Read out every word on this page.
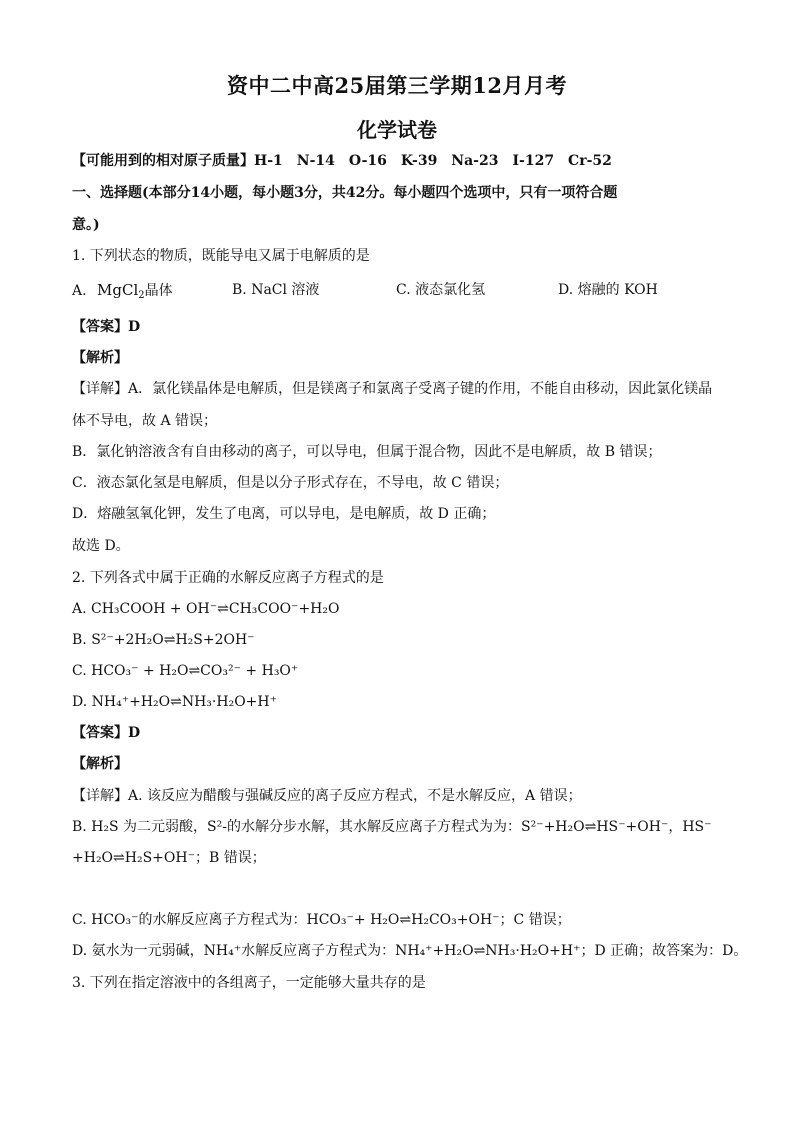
资中二中高25届第三学期12月月考
化学试卷
【可能用到的相对原子质量】H-1　N-14　O-16　K-39　Na-23　I-127　Cr-52
一、选择题(本部分14小题，每小题3分，共42分。每小题四个选项中，只有一项符合题
意。)
1. 下列状态的物质，既能导电又属于电解质的是
A. MgCl$_2$晶体	B. NaCl 溶液	C. 液态氯化氢	D. 熔融的 KOH
【答案】D
【解析】
【详解】A．氯化镁晶体是电解质，但是镁离子和氯离子受离子键的作用，不能自由移动，因此氯化镁晶
体不导电，故 A 错误；
B．氯化钠溶液含有自由移动的离子，可以导电，但属于混合物，因此不是电解质，故 B 错误；
C．液态氯化氢是电解质，但是以分子形式存在，不导电，故 C 错误；
D．熔融氢氧化钾，发生了电离，可以导电，是电解质，故 D 正确；
故选 D。
2. 下列各式中属于正确的水解反应离子方程式的是
A. CH₃COOH + OH⁻⇌CH₃COO⁻+H₂O
B. S²⁻+2H₂O⇌H₂S+2OH⁻
C. HCO₃⁻ + H₂O⇌CO₃²⁻ + H₃O⁺
D. NH₄⁺+H₂O⇌NH₃·H₂O+H⁺
【答案】D
【解析】
【详解】A. 该反应为醋酸与强碱反应的离子反应方程式，不是水解反应，A 错误；
B. H₂S 为二元弱酸，S²-的水解分步水解，其水解反应离子方程式为为：S²⁻+H₂O⇌HS⁻+OH⁻，HS⁻
+H₂O⇌H₂S+OH⁻；B 错误；
C. HCO₃⁻的水解反应离子方程式为：HCO₃⁻+ H₂O⇌H₂CO₃+OH⁻；C 错误；
D. 氨水为一元弱碱，NH₄⁺水解反应离子方程式为：NH₄⁺+H₂O⇌NH₃·H₂O+H⁺；D 正确；故答案为：D。
3. 下列在指定溶液中的各组离子，一定能够大量共存的是
